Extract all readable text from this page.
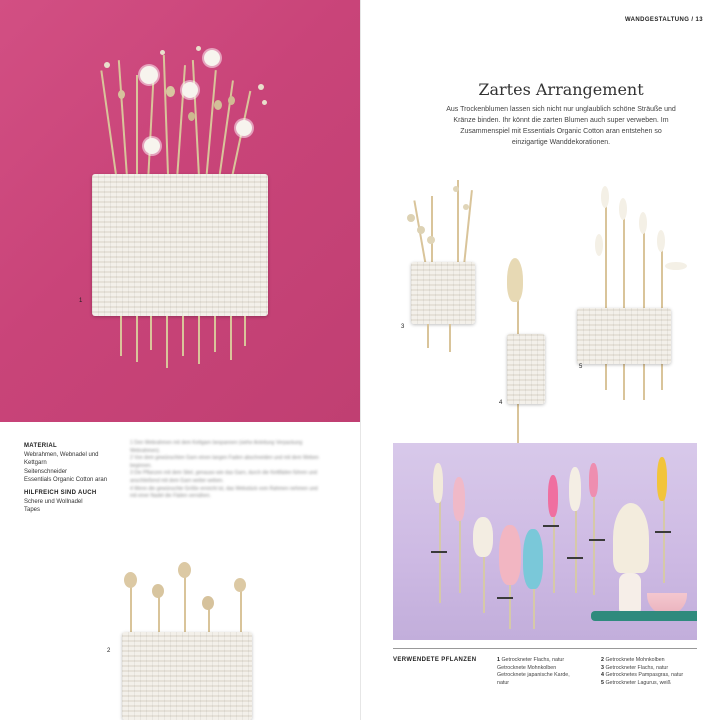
1
MATERIAL
Webrahmen, Webnadel und
Kettgarn
Seitenschneider
Essentials Organic Cotton aran
HILFREICH SIND AUCH
Schere und Wollnadel
Tapes
1 Den Webrahmen mit dem Kettgarn bespannen (siehe Anleitung Verpackung Webrahmen).
2 Von dem gewünschten Garn einen langen Faden abschneiden und mit dem Weben beginnen.
3 Die Pflanzen mit dem Stiel, genauso wie das Garn, durch die Kettfäden führen und anschließend mit dem Garn weiter weben.
4 Wenn die gewünschte Größe erreicht ist, das Webstück vom Rahmen nehmen und mit einer Nadel die Fäden vernähen.
2
WANDGESTALTUNG / 13
Zartes Arrangement
Aus Trockenblumen lassen sich nicht nur unglaublich schöne Sträuße und Kränze binden. Ihr könnt die zarten Blumen auch super verweben. Im Zusammenspiel mit Essentials Organic Cotton aran entstehen so einzigartige Wanddekorationen.
3
4
5
VERWENDETE PFLANZEN	1 Getrockneter Flachs, natur
Getrocknete Mohnkolben
Getrocknete japanische Karde,
natur
2 Getrocknete Mohnkolben
3 Getrockneter Flachs, natur
4 Getrocknetes Pampasgras, natur
5 Getrockneter Lagurus, weiß
